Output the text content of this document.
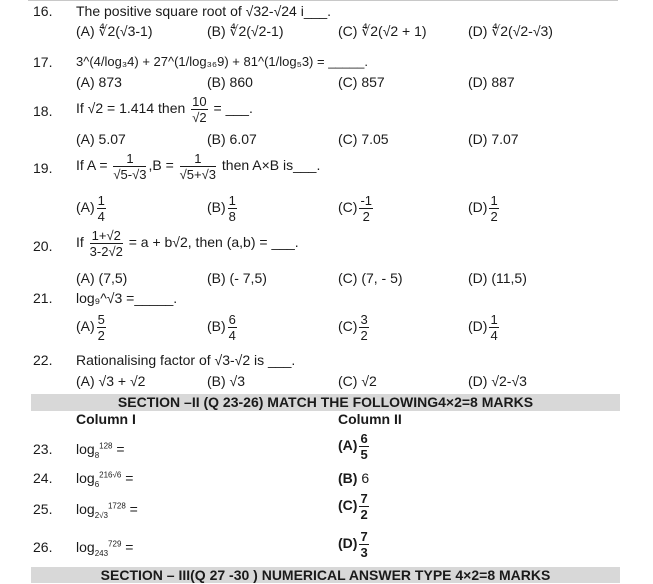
16. The positive square root of √32-√24 i___.
(A) ∜2(√3-1)	(B) ∜2(√2-1)	(C) ∜2(√2 + 1)	(D) ∜2(√2-√3)
17. 3^(4/log₃4) + 27^(1/log₃₆9) + 81^(1/log₅3) = _____.
(A) 873	(B) 860	(C) 857	(D) 887
18. If √2 = 1.414 then $\frac{10}{√2}$ = ___.
(A) 5.07	(B) 6.07	(C) 7.05	(D) 7.07
19. If $A = \frac{1}{√5-√3} ,B = \frac{1}{√5+√3}$ then A×B is___.
$(A) \frac{1}{4}$	$(B) \frac{1}{8}$	$(C) \frac{-1}{2}$	$(D) \frac{1}{2}$
20. If $\frac{1+√2}{3-2√2} = a + b√2$, then (a,b) = ___.
(A) (7,5)	(B) (- 7,5)	(C) (7, - 5)	(D) (11,5)
21. log₉^√3 =_____.
$(A) \frac{5}{2}$	$(B) \frac{6}{4}$	$(C) \frac{3}{2}$	$(D) \frac{1}{4}$
22. Rationalising factor of √3-√2 is ___.
(A) √3 + √2	(B) √3	(C) √2	(D) √2-√3
SECTION –II (Q 23-26) MATCH THE FOLLOWING4×2=8 MARKS
Column I	Column II
23. $\log_8^{128}$ =	$(A) \frac{6}{5}$
24. $\log_6^{216√6}$ =	(B) 6
25. $\log_{2√3}^{1728}$ =	$(C) \frac{7}{2}$
26. $\log_{243}^{729}$ =	$(D) \frac{7}{3}$
SECTION – III(Q 27 -30 ) NUMERICAL ANSWER TYPE 4×2=8 MARKS
